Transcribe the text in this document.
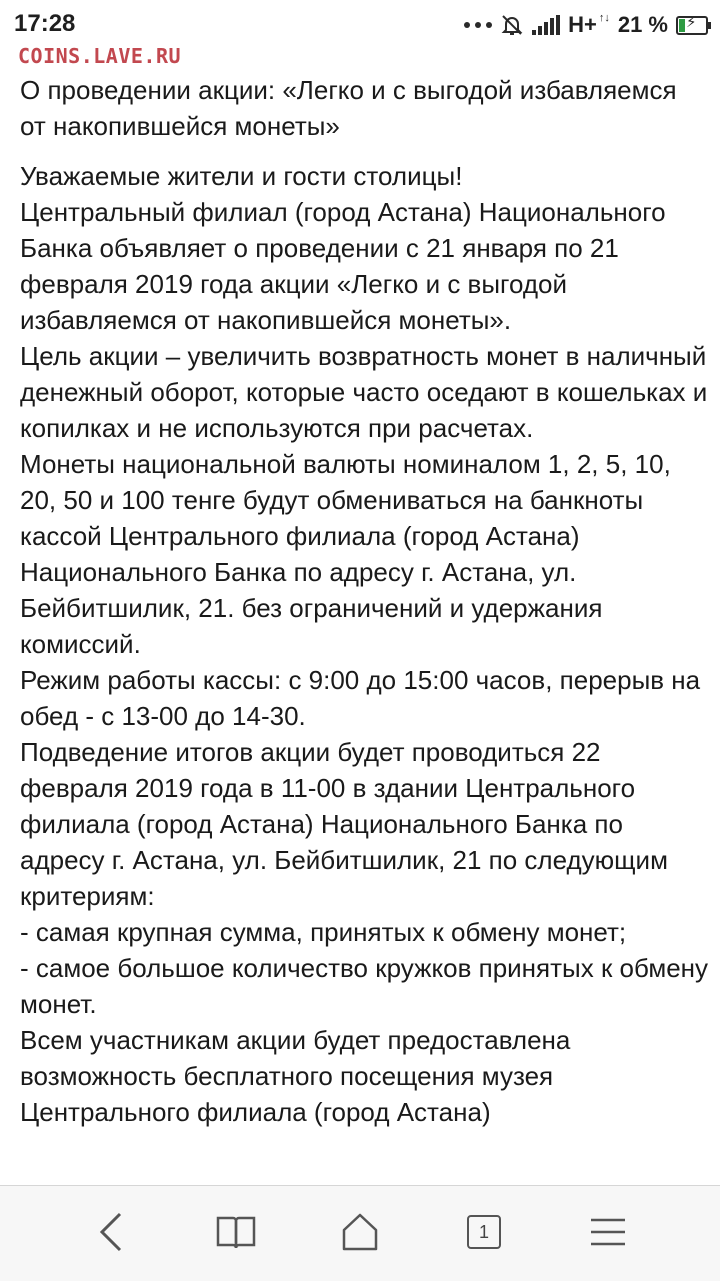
17:28	H+ ↑↓ 21 % ⚡
COINS.LAVE.RU

О проведении акции: «Легко и с выгодой избавляемся от накопившейся монеты»

Уважаемые жители и гости столицы!

Центральный филиал (город Астана) Национального Банка объявляет о проведении с 21 января по 21 февраля 2019 года акции «Легко и с выгодой избавляемся от накопившейся монеты».

Цель акции – увеличить возвратность монет в наличный денежный оборот, которые часто оседают в кошельках и копилках и не используются при расчетах.

Монеты национальной валюты номиналом 1, 2, 5, 10, 20, 50 и 100 тенге будут обмениваться на банкноты кассой Центрального филиала (город Астана) Национального Банка по адресу г. Астана, ул. Бейбитшилик, 21. без ограничений и удержания комиссий.

Режим работы кассы: с 9:00 до 15:00 часов, перерыв на обед - с 13-00 до 14-30.

Подведение итогов акции будет проводиться 22 февраля 2019 года в 11-00 в здании Центрального филиала (город Астана) Национального Банка по адресу г. Астана, ул. Бейбитшилик, 21 по следующим критериям:

- самая крупная сумма, принятых к обмену монет;

- самое большое количество кружков принятых к обмену монет.

Всем участникам акции будет предоставлена возможность бесплатного посещения музея Центрального филиала (город Астана)

1
